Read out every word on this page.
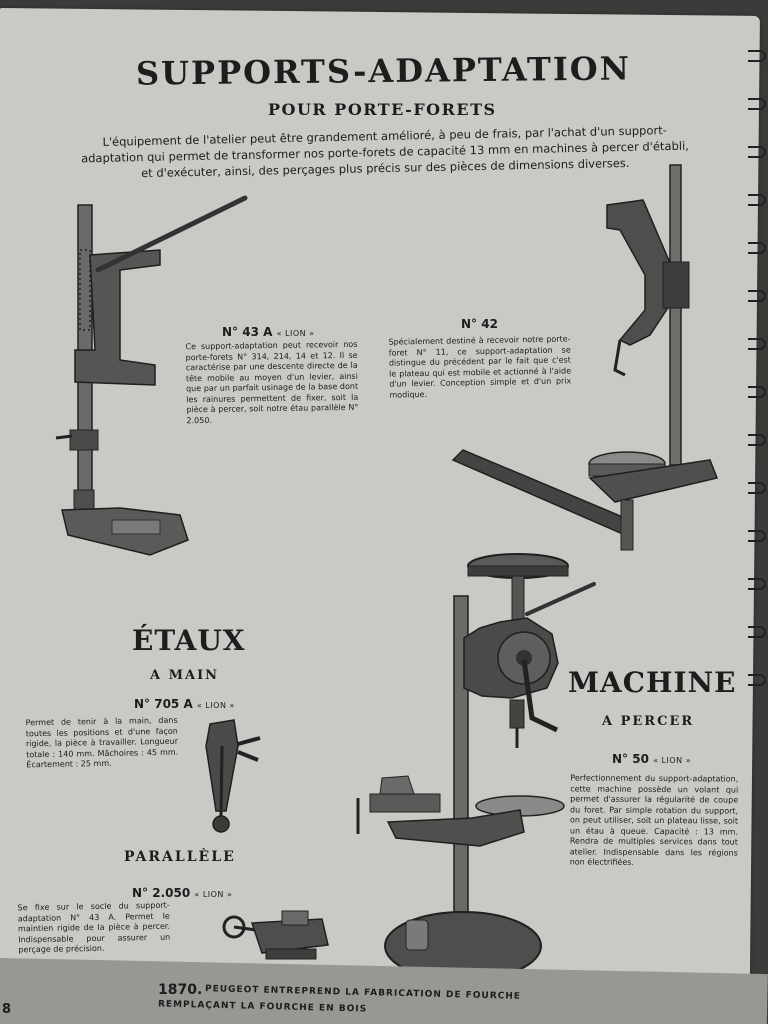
SUPPORTS-ADAPTATION
POUR PORTE-FORETS

L'équipement de l'atelier peut être grandement amélioré, à peu de frais, par l'achat d'un support-adaptation qui permet de transformer nos porte-forets de capacité 13 mm en machines à percer d'établi, et d'exécuter, ainsi, des perçages plus précis sur des pièces de dimensions diverses.

N° 43 A « LION »

Ce support-adaptation peut recevoir nos porte-forets N° 314, 214, 14 et 12. Il se caractérise par une descente directe de la tête mobile au moyen d'un levier, ainsi que par un parfait usinage de la base dont les rainures permettent de fixer, soit la pièce à percer, soit notre étau parallèle N° 2.050.

N° 42

Spécialement destiné à recevoir notre porte-foret N° 11, ce support-adaptation se distingue du précédent par le fait que c'est le plateau qui est mobile et actionné à l'aide d'un levier. Conception simple et d'un prix modique.

ÉTAUX
A MAIN

N° 705 A « LION »

Permet de tenir à la main, dans toutes les positions et d'une façon rigide, la pièce à travailler. Longueur totale : 140 mm. Mâchoires : 45 mm. Écartement : 25 mm.

PARALLÈLE

N° 2.050 « LION »

Se fixe sur le socle du support-adaptation N° 43 A. Permet le maintien rigide de la pièce à percer. Indispensable pour assurer un perçage de précision.

MACHINE
A PERCER

N° 50 « LION »

Perfectionnement du support-adaptation, cette machine possède un volant qui permet d'assurer la régularité de coupe du foret. Par simple rotation du support, on peut utiliser, soit un plateau lisse, soit un étau à queue. Capacité : 13 mm. Rendra de multiples services dans tout atelier. Indispensable dans les régions non électrifiées.

1870. PEUGEOT ENTREPREND LA FABRICATION DE FOURCHE

REMPLAÇANT LA FOURCHE EN BOIS

8
